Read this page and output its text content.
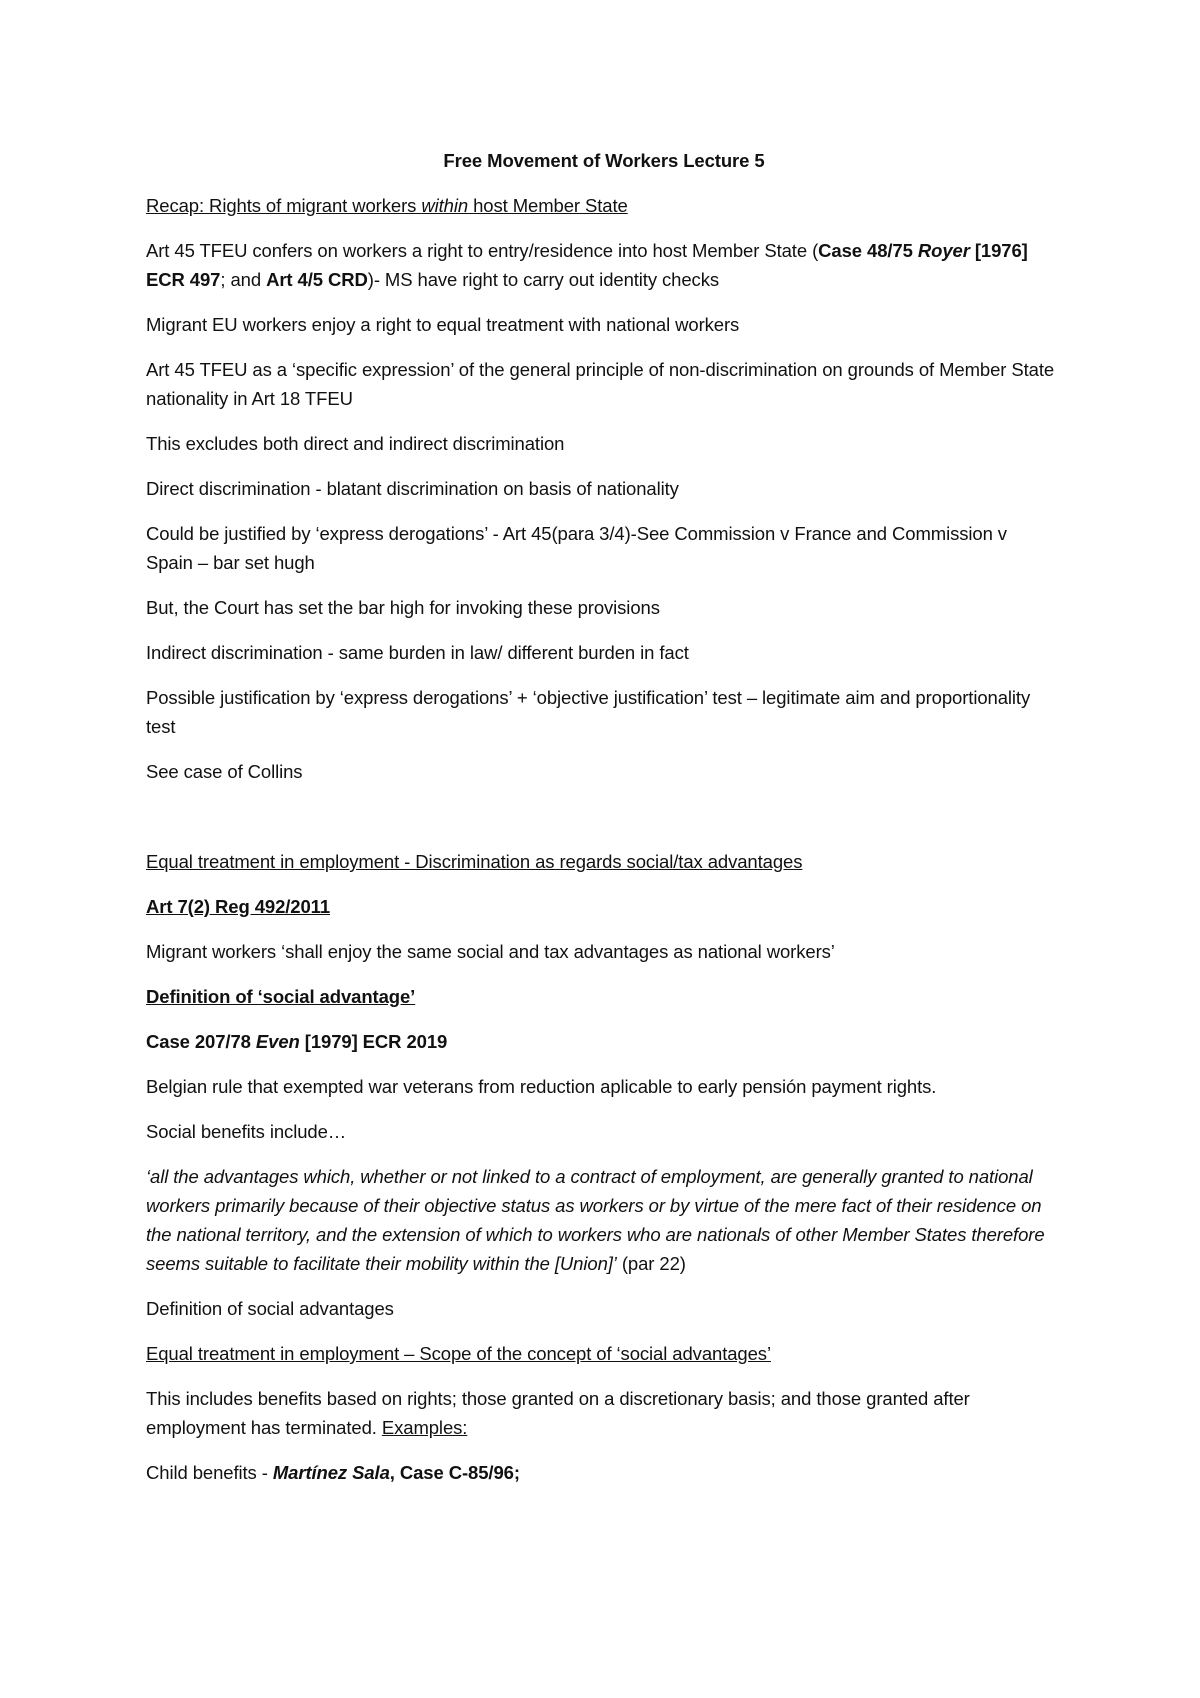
Free Movement of Workers Lecture 5

Recap: Rights of migrant workers within host Member State

Art 45 TFEU confers on workers a right to entry/residence into host Member State (Case 48/75 Royer [1976] ECR 497; and Art 4/5 CRD)- MS have right to carry out identity checks

Migrant EU workers enjoy a right to equal treatment with national workers

Art 45 TFEU as a ‘specific expression’ of the general principle of non-discrimination on grounds of Member State nationality in Art 18 TFEU

This excludes both direct and indirect discrimination

Direct discrimination - blatant discrimination on basis of nationality

Could be justified by ‘express derogations’ - Art 45(para 3/4)-See Commission v France and Commission v Spain – bar set hugh

But, the Court has set the bar high for invoking these provisions

Indirect discrimination - same burden in law/ different burden in fact

Possible justification by ‘express derogations’ + ‘objective justification’ test – legitimate aim and proportionality test

See case of Collins

Equal treatment in employment - Discrimination as regards social/tax advantages

Art 7(2) Reg 492/2011

Migrant workers ‘shall enjoy the same social and tax advantages as national workers’

Definition of ‘social advantage’

Case 207/78 Even [1979] ECR 2019

Belgian rule that exempted war veterans from reduction aplicable to early pensión payment rights.

Social benefits include…

‘all the advantages which, whether or not linked to a contract of employment, are generally granted to national workers primarily because of their objective status as workers or by virtue of the mere fact of their residence on the national territory, and the extension of which to workers who are nationals of other Member States therefore seems suitable to facilitate their mobility within the [Union]’ (par 22)

Definition of social advantages

Equal treatment in employment – Scope of the concept of ‘social advantages’

This includes benefits based on rights; those granted on a discretionary basis; and those granted after employment has terminated. Examples:

Child benefits - Martínez Sala, Case C-85/96;
